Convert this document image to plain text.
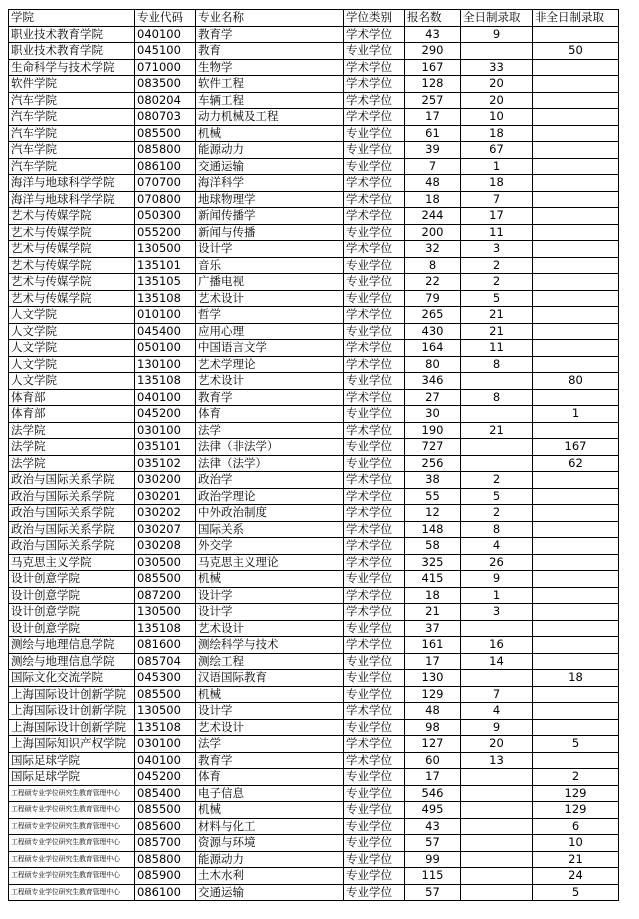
学院	专业代码	专业名称	学位类别	报名数	全日制录取	非全日制录取
职业技术教育学院	040100	教育学	学术学位	43	9	
职业技术教育学院	045100	教育	专业学位	290		50
生命科学与技术学院	071000	生物学	学术学位	167	33	
软件学院	083500	软件工程	学术学位	128	20	
汽车学院	080204	车辆工程	学术学位	257	20	
汽车学院	080703	动力机械及工程	学术学位	17	10	
汽车学院	085500	机械	专业学位	61	18	
汽车学院	085800	能源动力	专业学位	39	67	
汽车学院	086100	交通运输	专业学位	7	1	
海洋与地球科学学院	070700	海洋科学	学术学位	48	18	
海洋与地球科学学院	070800	地球物理学	学术学位	18	7	
艺术与传媒学院	050300	新闻传播学	学术学位	244	17	
艺术与传媒学院	055200	新闻与传播	专业学位	200	11	
艺术与传媒学院	130500	设计学	学术学位	32	3	
艺术与传媒学院	135101	音乐	专业学位	8	2	
艺术与传媒学院	135105	广播电视	专业学位	22	2	
艺术与传媒学院	135108	艺术设计	专业学位	79	5	
人文学院	010100	哲学	学术学位	265	21	
人文学院	045400	应用心理	专业学位	430	21	
人文学院	050100	中国语言文学	学术学位	164	11	
人文学院	130100	艺术学理论	学术学位	80	8	
人文学院	135108	艺术设计	专业学位	346		80
体育部	040100	教育学	学术学位	27	8	
体育部	045200	体育	专业学位	30		1
法学院	030100	法学	学术学位	190	21	
法学院	035101	法律（非法学）	专业学位	727		167
法学院	035102	法律（法学）	专业学位	256		62
政治与国际关系学院	030200	政治学	学术学位	38	2	
政治与国际关系学院	030201	政治学理论	学术学位	55	5	
政治与国际关系学院	030202	中外政治制度	学术学位	12	2	
政治与国际关系学院	030207	国际关系	学术学位	148	8	
政治与国际关系学院	030208	外交学	学术学位	58	4	
马克思主义学院	030500	马克思主义理论	学术学位	325	26	
设计创意学院	085500	机械	专业学位	415	9	
设计创意学院	087200	设计学	学术学位	18	1	
设计创意学院	130500	设计学	学术学位	21	3	
设计创意学院	135108	艺术设计	专业学位	37		
测绘与地理信息学院	081600	测绘科学与技术	学术学位	161	16	
测绘与地理信息学院	085704	测绘工程	专业学位	17	14	
国际文化交流学院	045300	汉语国际教育	专业学位	130		18
上海国际设计创新学院	085500	机械	专业学位	129	7	
上海国际设计创新学院	130500	设计学	学术学位	48	4	
上海国际设计创新学院	135108	艺术设计	专业学位	98	9	
上海国际知识产权学院	030100	法学	学术学位	127	20	5
国际足球学院	040100	教育学	学术学位	60	13	
国际足球学院	045200	体育	专业学位	17		2
工程硕专业学位研究生教育管理中心	085400	电子信息	专业学位	546		129
工程硕专业学位研究生教育管理中心	085500	机械	专业学位	495		129
工程硕专业学位研究生教育管理中心	085600	材料与化工	专业学位	43		6
工程硕专业学位研究生教育管理中心	085700	资源与环境	专业学位	57		10
工程硕专业学位研究生教育管理中心	085800	能源动力	专业学位	99		21
工程硕专业学位研究生教育管理中心	085900	土木水利	专业学位	115		24
工程硕专业学位研究生教育管理中心	086100	交通运输	专业学位	57		5
